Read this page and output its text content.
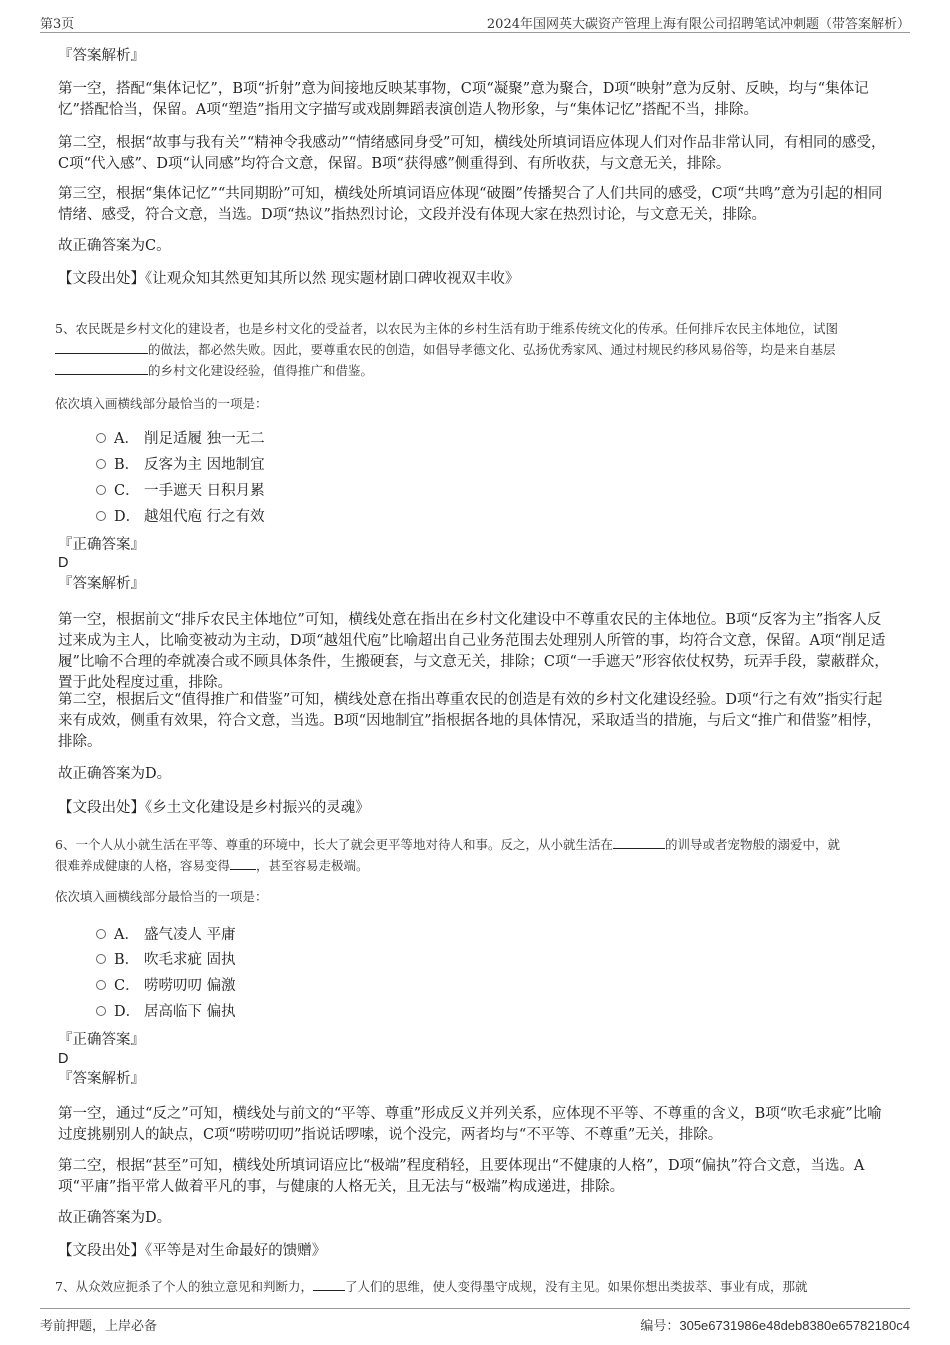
第3页	2024年国网英大碳资产管理上海有限公司招聘笔试冲刺题（带答案解析）
『答案解析』
第一空，搭配“集体记忆”，B项“折射”意为间接地反映某事物，C项“凝聚”意为聚合，D项“映射”意为反射、反映，均与“集体记忆”搭配恰当，保留。A项“塑造”指用文字描写或戏剧舞蹈表演创造人物形象，与“集体记忆”搭配不当，排除。
第二空，根据“故事与我有关”“精神令我感动”“情绪感同身受”可知，横线处所填词语应体现人们对作品非常认同，有相同的感受，C项“代入感”、D项“认同感”均符合文意，保留。B项“获得感”侧重得到、有所收获，与文意无关，排除。
第三空，根据“集体记忆”“共同期盼”可知，横线处所填词语应体现“破圈”传播契合了人们共同的感受，C项“共鸣”意为引起的相同情绪、感受，符合文意，当选。D项“热议”指热烈讨论，文段并没有体现大家在热烈讨论，与文意无关，排除。
故正确答案为C。
【文段出处】《让观众知其然更知其所以然 现实题材剧口碑收视双丰收》
5、农民既是乡村文化的建设者，也是乡村文化的受益者，以农民为主体的乡村生活有助于维系传统文化的传承。任何排斥农民主体地位，试图的做法，都必然失败。因此，要尊重农民的创造，如倡导孝德文化、弘扬优秀家风、通过村规民约移风易俗等，均是来自基层的乡村文化建设经验，值得推广和借鉴。
依次填入画横线部分最恰当的一项是：
A． 削足适履 独一无二
B． 反客为主 因地制宜
C． 一手遮天 日积月累
D． 越俎代庖 行之有效
『正确答案』
D
『答案解析』
第一空，根据前文“排斥农民主体地位”可知，横线处意在指出在乡村文化建设中不尊重农民的主体地位。B项“反客为主”指客人反过来成为主人，比喻变被动为主动，D项“越俎代庖”比喻超出自己业务范围去处理别人所管的事，均符合文意，保留。A项“削足适履”比喻不合理的牵就凑合或不顾具体条件，生搬硬套，与文意无关，排除；C项“一手遮天”形容依仗权势，玩弄手段，蒙蔽群众，置于此处程度过重，排除。
第二空，根据后文“值得推广和借鉴”可知，横线处意在指出尊重农民的创造是有效的乡村文化建设经验。D项“行之有效”指实行起来有成效，侧重有效果，符合文意，当选。B项“因地制宜”指根据各地的具体情况，采取适当的措施，与后文“推广和借鉴”相悖，排除。
故正确答案为D。
【文段出处】《乡土文化建设是乡村振兴的灵魂》
6、一个人从小就生活在平等、尊重的环境中，长大了就会更平等地对待人和事。反之，从小就生活在	的训导或者宠物般的溺爱中，就
很难养成健康的人格，容易变得 ，甚至容易走极端。
依次填入画横线部分最恰当的一项是：
A． 盛气凌人 平庸
B． 吹毛求疵 固执
C． 唠唠叨叨 偏激
D． 居高临下 偏执
『正确答案』
D
『答案解析』
第一空，通过“反之”可知，横线处与前文的“平等、尊重”形成反义并列关系，应体现不平等、不尊重的含义，B项“吹毛求疵”比喻过度挑剔别人的缺点，C项“唠唠叨叨”指说话啰嗦，说个没完，两者均与“不平等、不尊重”无关，排除。
第二空，根据“甚至”可知，横线处所填词语应比“极端”程度稍轻，且要体现出“不健康的人格”，D项“偏执”符合文意，当选。A项“平庸”指平常人做着平凡的事，与健康的人格无关，且无法与“极端”构成递进，排除。
故正确答案为D。
【文段出处】《平等是对生命最好的馈赠》
7、从众效应扼杀了个人的独立意见和判断力，	了人们的思维，使人变得墨守成规，没有主见。如果你想出类拔萃、事业有成，那就
考前押题，上岸必备	编号：305e6731986e48deb8380e65782180c4
